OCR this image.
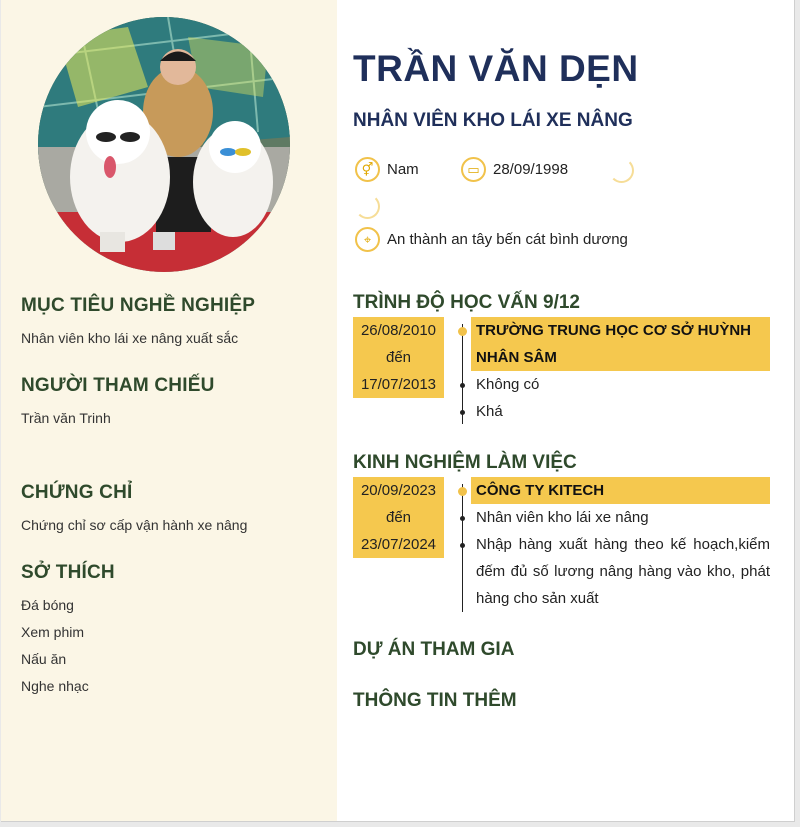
MỤC TIÊU NGHỀ NGHIỆP
Nhân viên kho lái xe nâng xuất sắc
NGƯỜI THAM CHIẾU
Trần văn Trinh
CHỨNG CHỈ
Chứng chỉ sơ cấp vận hành xe nâng
SỞ THÍCH
Đá bóng
Xem phim
Nấu ăn
Nghe nhạc
TRẦN VĂN DẸN
NHÂN VIÊN KHO LÁI XE NÂNG
⚥ Nam	▭ 28/09/1998
⌖	An thành an tây bến cát bình dương
TRÌNH ĐỘ HỌC VẤN 9/12
26/08/2010
đến
17/07/2013
TRƯỜNG TRUNG HỌC CƠ SỞ HUỲNH
NHÂN SÂM
Không có
Khá
KINH NGHIỆM LÀM VIỆC
20/09/2023
đến
23/07/2024
CÔNG TY KITECH
Nhân viên kho lái xe nâng
Nhập hàng xuất hàng theo kế hoạch,kiểm
đếm đủ số lương nâng hàng vào kho, phát
hàng cho sản xuất
DỰ ÁN THAM GIA
THÔNG TIN THÊM
